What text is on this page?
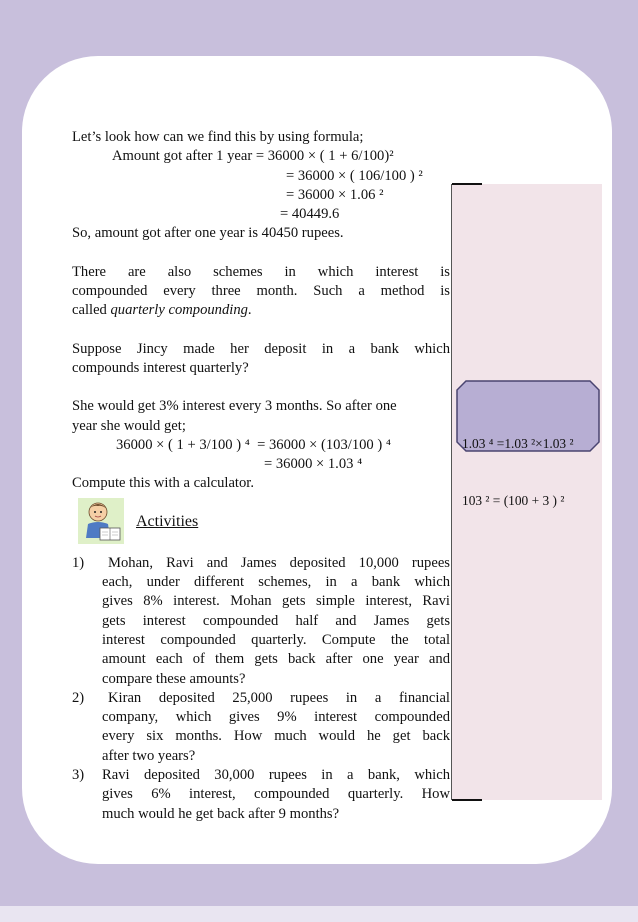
1.03 ⁴ =1.03 ²×1.03 ²

103 ² = (100 + 3 ) ²

Let’s look how can we find this by using formula;
Amount got after 1 year = 36000 × ( 1 + 6/100)²
= 36000 × ( 106/100 ) ²
= 36000 × 1.06 ²
= 40449.6
So, amount got after one year is 40450 rupees.
There are also schemes in which interest is
compounded every three month. Such a method is
called quarterly compounding.
Suppose Jincy made her deposit in a bank which
compounds interest quarterly?
She would get 3% interest every 3 months. So after one
year she would get;
36000 × ( 1 + 3/100 ) ⁴  = 36000 × (103/100 ) ⁴
= 36000 × 1.03 ⁴
Compute this with a calculator.
Activities
1)	Mohan, Ravi and James deposited 10,000 rupees
each, under different schemes, in a bank which
gives 8% interest. Mohan gets simple interest, Ravi
gets interest compounded half and James gets
interest compounded quarterly. Compute the total
amount each of them gets back after one year and
compare these amounts?
2)	Kiran deposited 25,000 rupees in a financial
company, which gives 9% interest compounded
every six months. How much would he get back
after two years?
3) Ravi deposited 30,000 rupees in a bank, which
gives 6% interest, compounded quarterly. How
much would he get back after 9 months?
